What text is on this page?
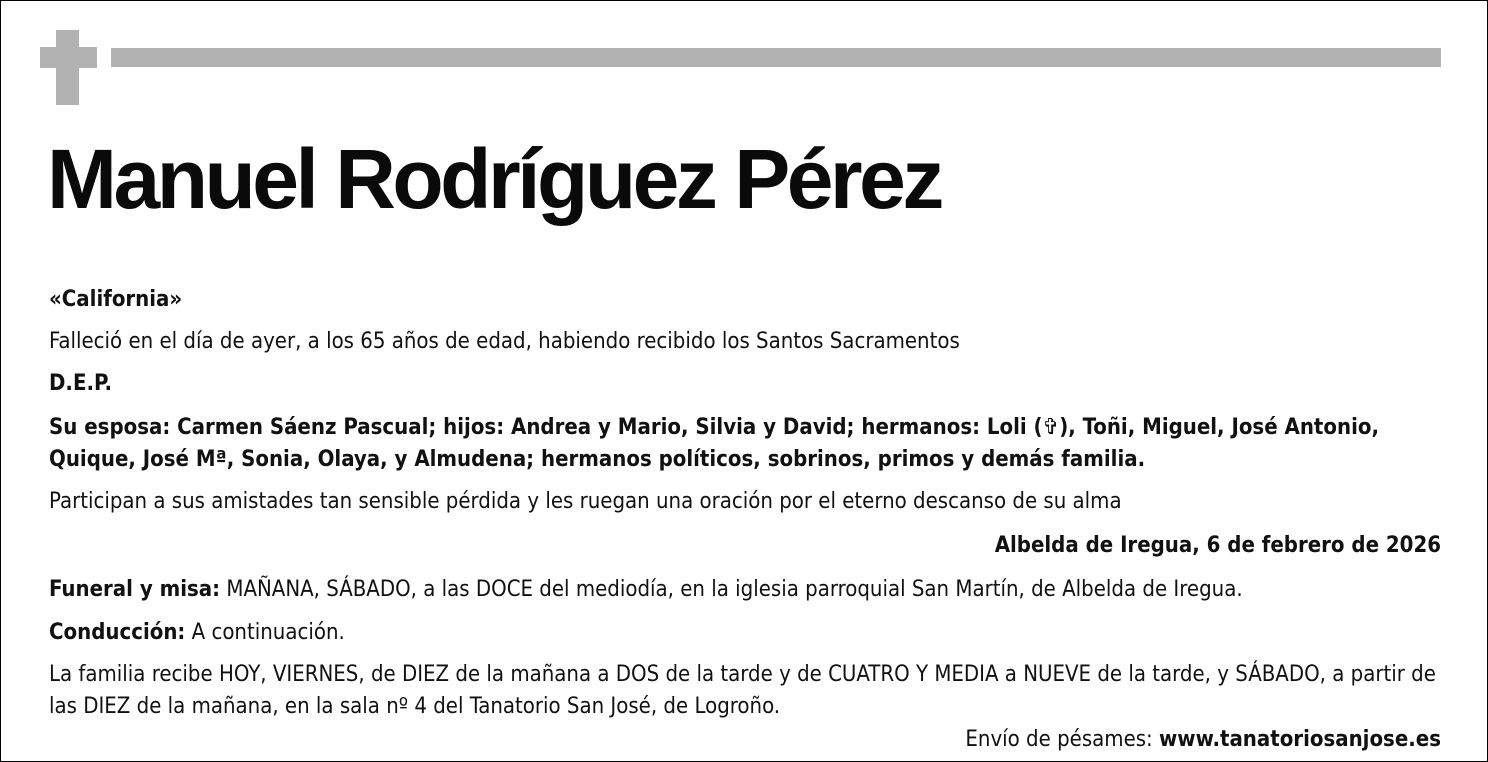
Manuel Rodríguez Pérez

«California»

Falleció en el día de ayer, a los 65 años de edad, habiendo recibido los Santos Sacramentos

D.E.P.

Su esposa: Carmen Sáenz Pascual; hijos: Andrea y Mario, Silvia y David; hermanos: Loli (✞), Toñi, Miguel, José Antonio, Quique, José Mª, Sonia, Olaya, y Almudena; hermanos políticos, sobrinos, primos y demás familia.

Participan a sus amistades tan sensible pérdida y les ruegan una oración por el eterno descanso de su alma

Albelda de Iregua, 6 de febrero de 2026

Funeral y misa: MAÑANA, SÁBADO, a las DOCE del mediodía, en la iglesia parroquial San Martín, de Albelda de Iregua.

Conducción: A continuación.

La familia recibe HOY, VIERNES, de DIEZ de la mañana a DOS de la tarde y de CUATRO Y MEDIA a NUEVE de la tarde, y SÁBADO, a partir de las DIEZ de la mañana, en la sala nº 4 del Tanatorio San José, de Logroño.

Envío de pésames: www.tanatoriosanjose.es
